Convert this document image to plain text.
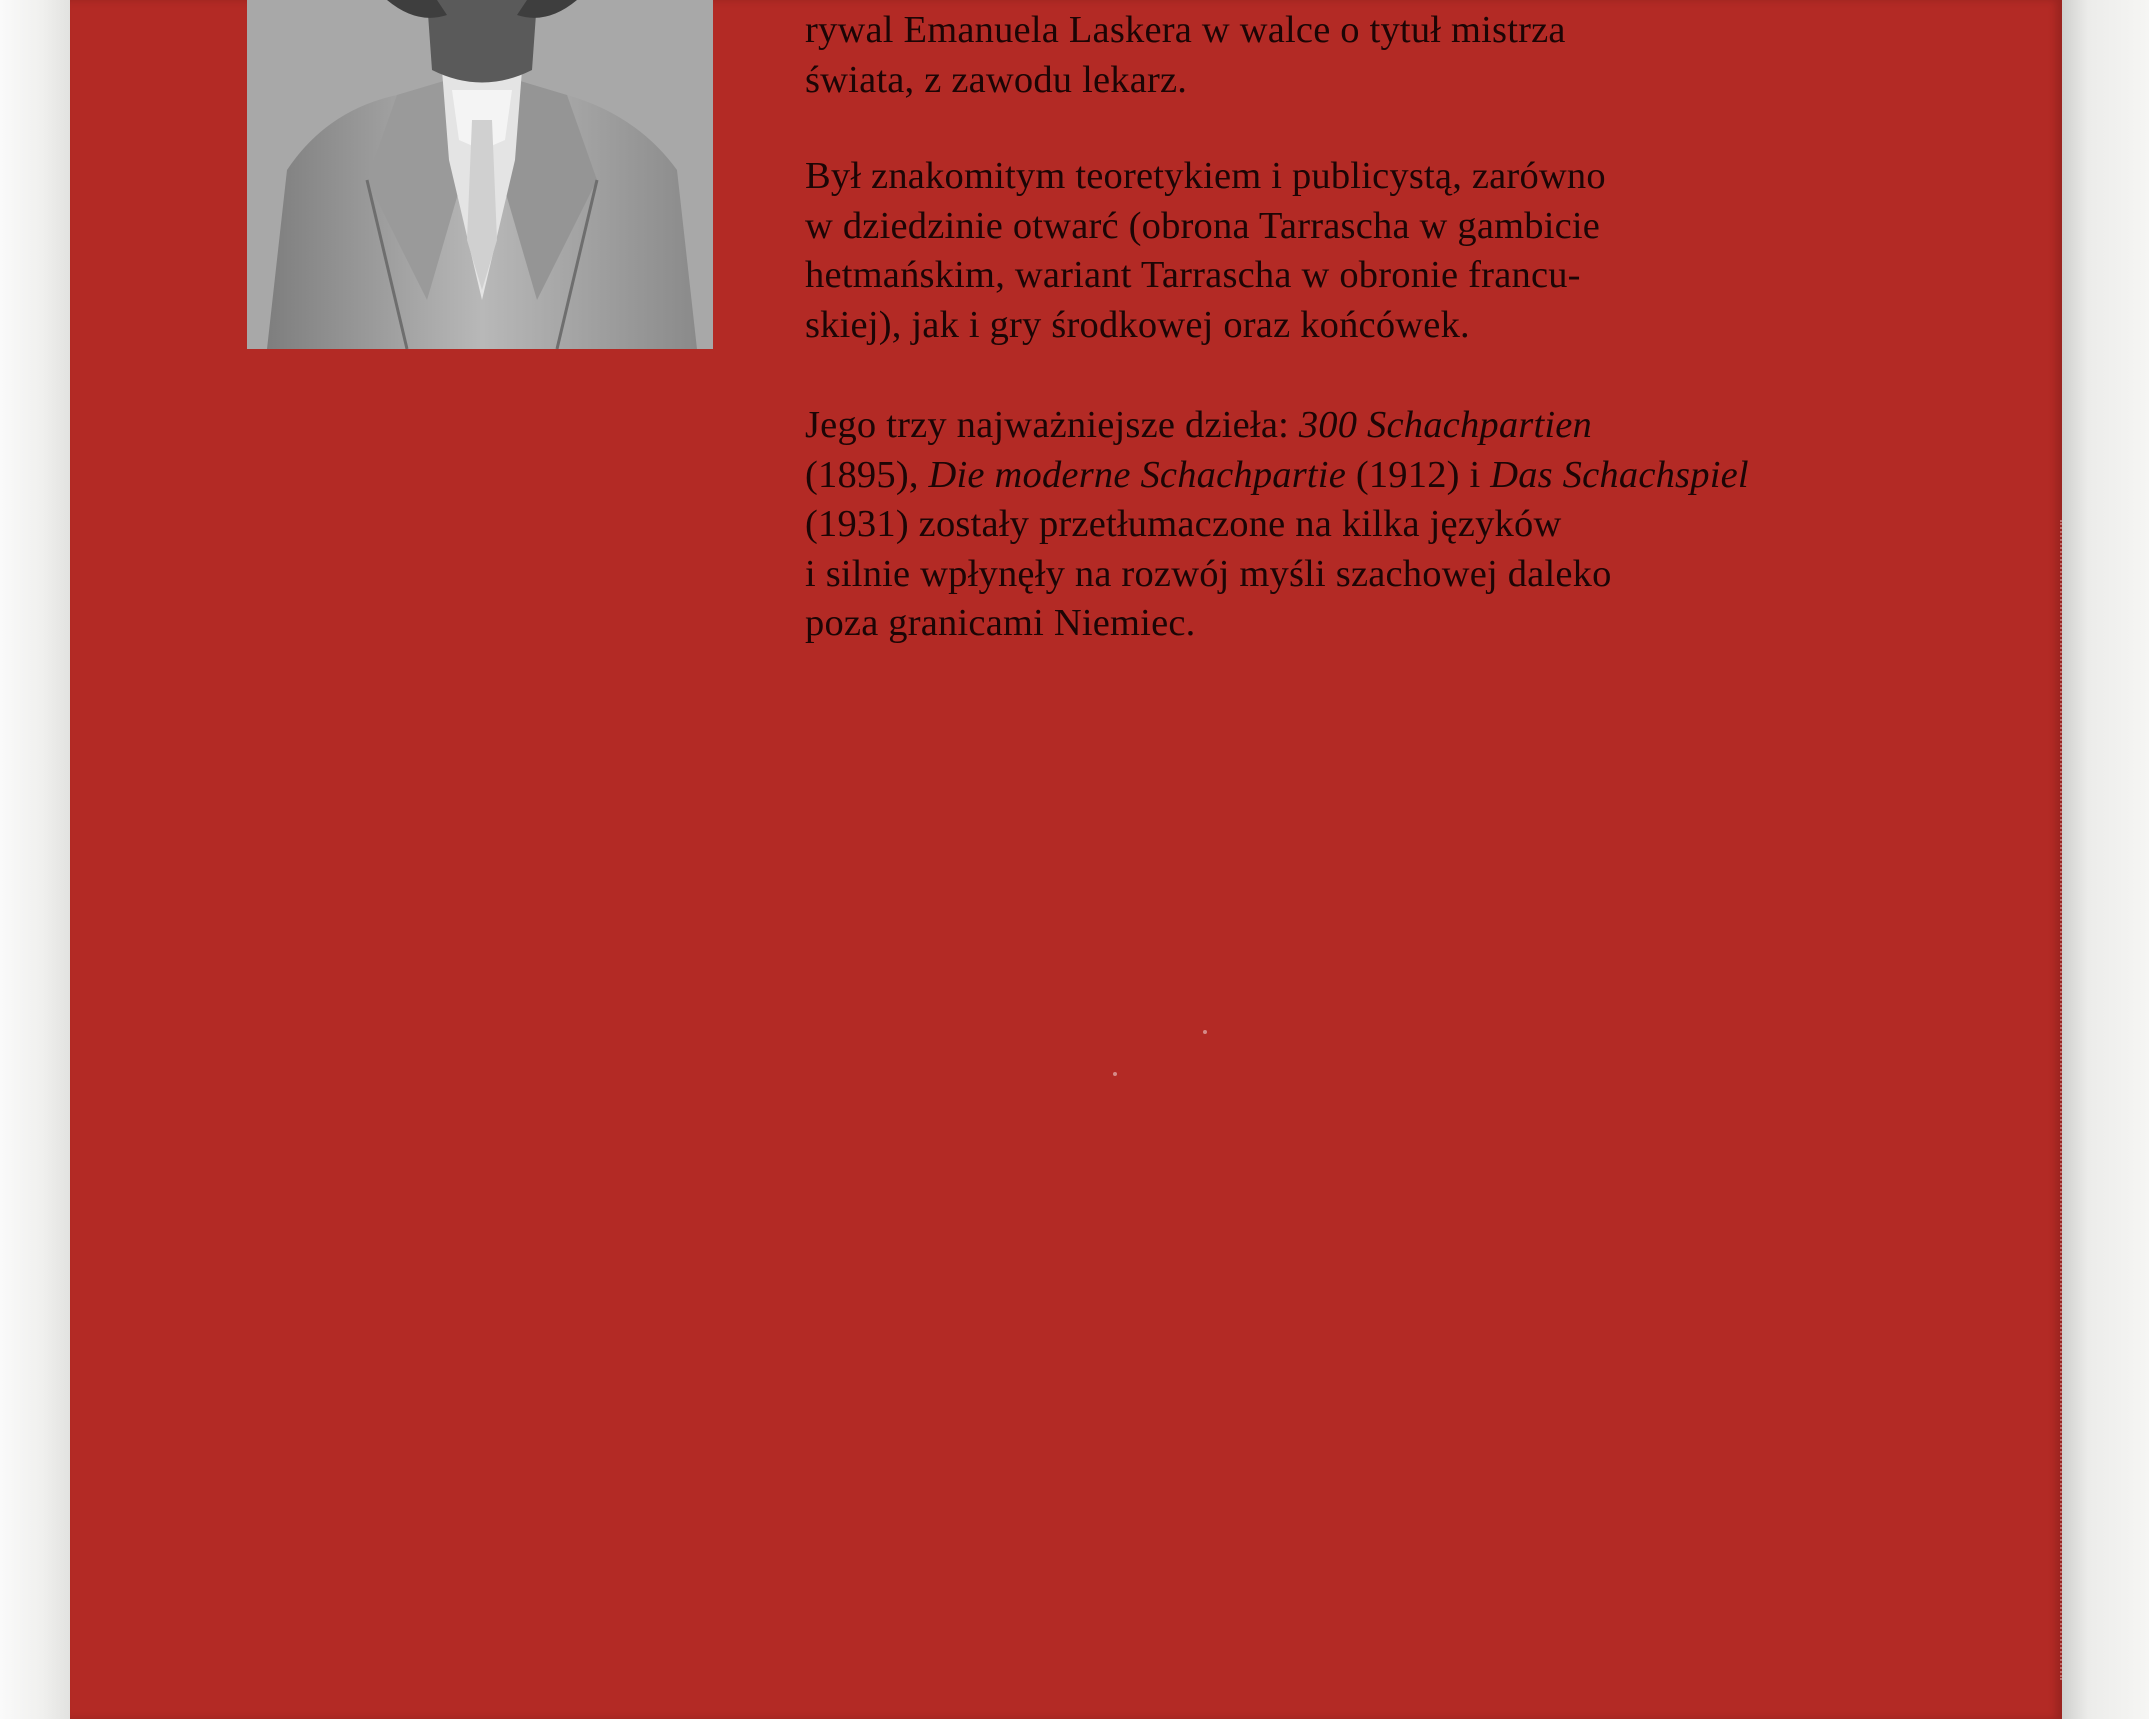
rywal Emanuela Laskera w walce o tytuł mistrza
świata, z zawodu lekarz.
Był znakomitym teoretykiem i publicystą, zarówno
w dziedzinie otwarć (obrona Tarrascha w gambicie
hetmańskim, wariant Tarrascha w obronie francu-
skiej), jak i gry środkowej oraz końcówek.
Jego trzy najważniejsze dzieła: 300 Schachpartien
(1895), Die moderne Schachpartie (1912) i Das Schachspiel
(1931) zostały przetłumaczone na kilka języków
i silnie wpłynęły na rozwój myśli szachowej daleko
poza granicami Niemiec.
